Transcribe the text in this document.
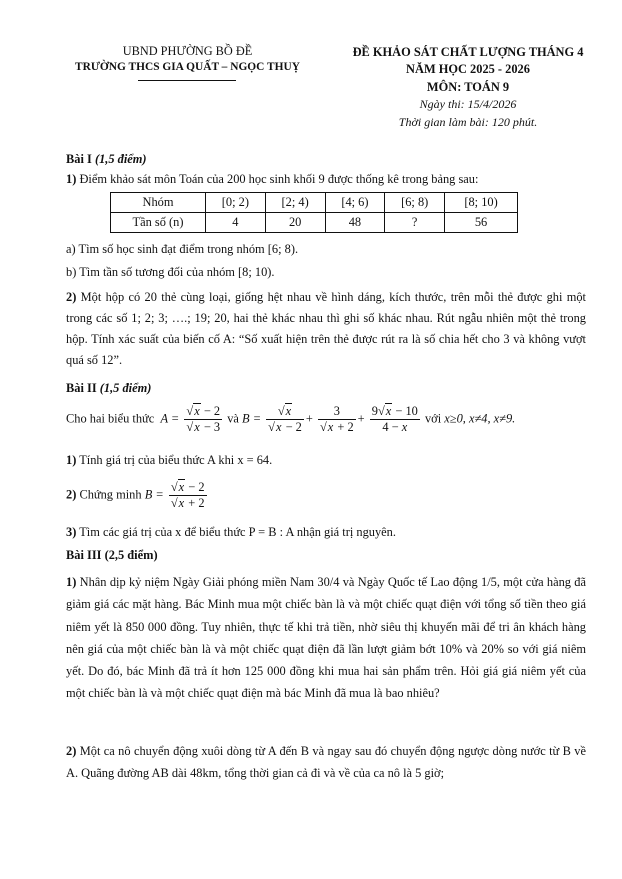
UBND PHƯỜNG BỒ ĐỀ
TRƯỜNG THCS GIA QUẤT – NGỌC THUỴ
ĐỀ KHẢO SÁT CHẤT LƯỢNG THÁNG 4
NĂM HỌC 2025 - 2026
MÔN: TOÁN 9
Ngày thi: 15/4/2026
Thời gian làm bài: 120 phút.
Bài I (1,5 điểm)
1) Điểm khảo sát môn Toán của 200 học sinh khối 9 được thống kê trong bảng sau:
Nhóm	[0; 2)	[2; 4)	[4; 6)	[6; 8)	[8; 10)
Tần số (n)	4	20	48	?	56
a) Tìm số học sinh đạt điểm trong nhóm [6; 8).
b) Tìm tần số tương đối của nhóm [8; 10).
2) Một hộp có 20 thẻ cùng loại, giống hệt nhau về hình dáng, kích thước, trên mỗi thẻ được ghi một trong các số 1; 2; 3; ….; 19; 20, hai thẻ khác nhau thì ghi số khác nhau. Rút ngẫu nhiên một thẻ trong hộp. Tính xác suất của biến cố A: “Số xuất hiện trên thẻ được rút ra là số chia hết cho 3 và không vượt quá số 12”.
Bài II (1,5 điểm)
Cho hai biểu thức  $A = \frac{√x - 2}{√x - 3}$ và $B = \frac{√x}{√x - 2} + \frac{3}{√x + 2} + \frac{9√x - 10}{4 - x}$ với x≥0, x≠4, x≠9.
1) Tính giá trị của biểu thức A khi x = 64.
2) Chứng minh $B = \frac{√x - 2}{√x + 2}$
3) Tìm các giá trị của x để biểu thức P = B : A nhận giá trị nguyên.
Bài III (2,5 điểm)
1) Nhân dịp kỷ niệm Ngày Giải phóng miền Nam 30/4 và Ngày Quốc tế Lao động 1/5, một cửa hàng đã giảm giá các mặt hàng. Bác Minh mua một chiếc bàn là và một chiếc quạt điện với tổng số tiền theo giá niêm yết là 850 000 đồng. Tuy nhiên, thực tế khi trả tiền, nhờ siêu thị khuyến mãi để tri ân khách hàng nên giá của một chiếc bàn là và một chiếc quạt điện đã lần lượt giảm bớt 10% và 20% so với giá niêm yết. Do đó, bác Minh đã trả ít hơn 125 000 đồng khi mua hai sản phẩm trên. Hỏi giá giá niêm yết của một chiếc bàn là và một chiếc quạt điện mà bác Minh đã mua là bao nhiêu?
2) Một ca nô chuyển động xuôi dòng từ A đến B và ngay sau đó chuyển động ngược dòng nước từ B về A. Quãng đường AB dài 48km, tổng thời gian cả đi và về của ca nô là 5 giờ;
